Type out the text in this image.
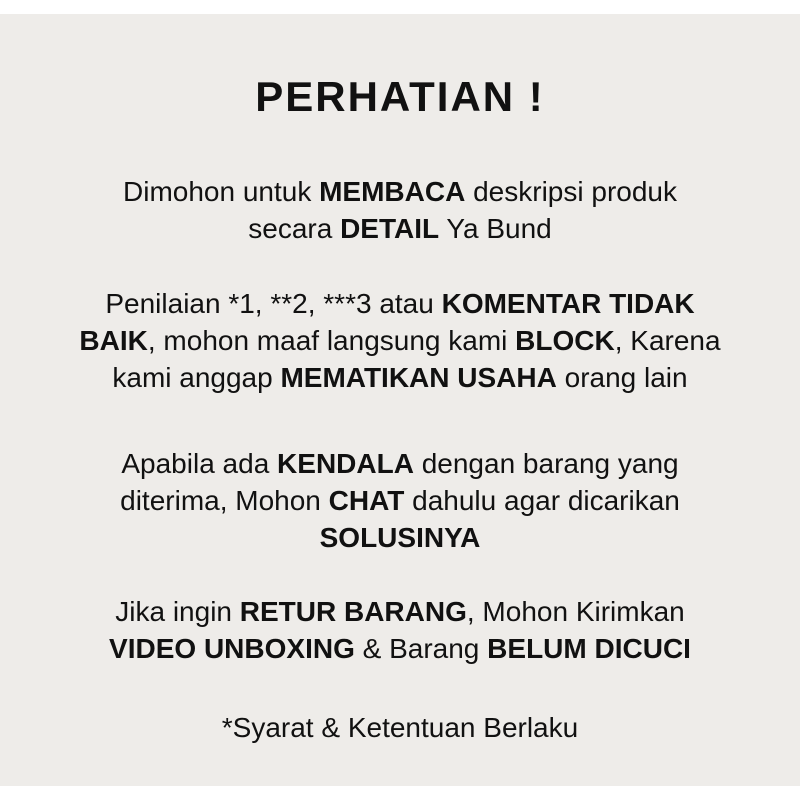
PERHATIAN !

Dimohon untuk MEMBACA deskripsi produk
secara DETAIL Ya Bund

Penilaian *1, **2, ***3 atau KOMENTAR TIDAK
BAIK, mohon maaf langsung kami BLOCK, Karena
kami anggap MEMATIKAN USAHA orang lain

Apabila ada KENDALA dengan barang yang
diterima, Mohon CHAT dahulu agar dicarikan
SOLUSINYA

Jika ingin RETUR BARANG, Mohon Kirimkan
VIDEO UNBOXING & Barang BELUM DICUCI

*Syarat & Ketentuan Berlaku
